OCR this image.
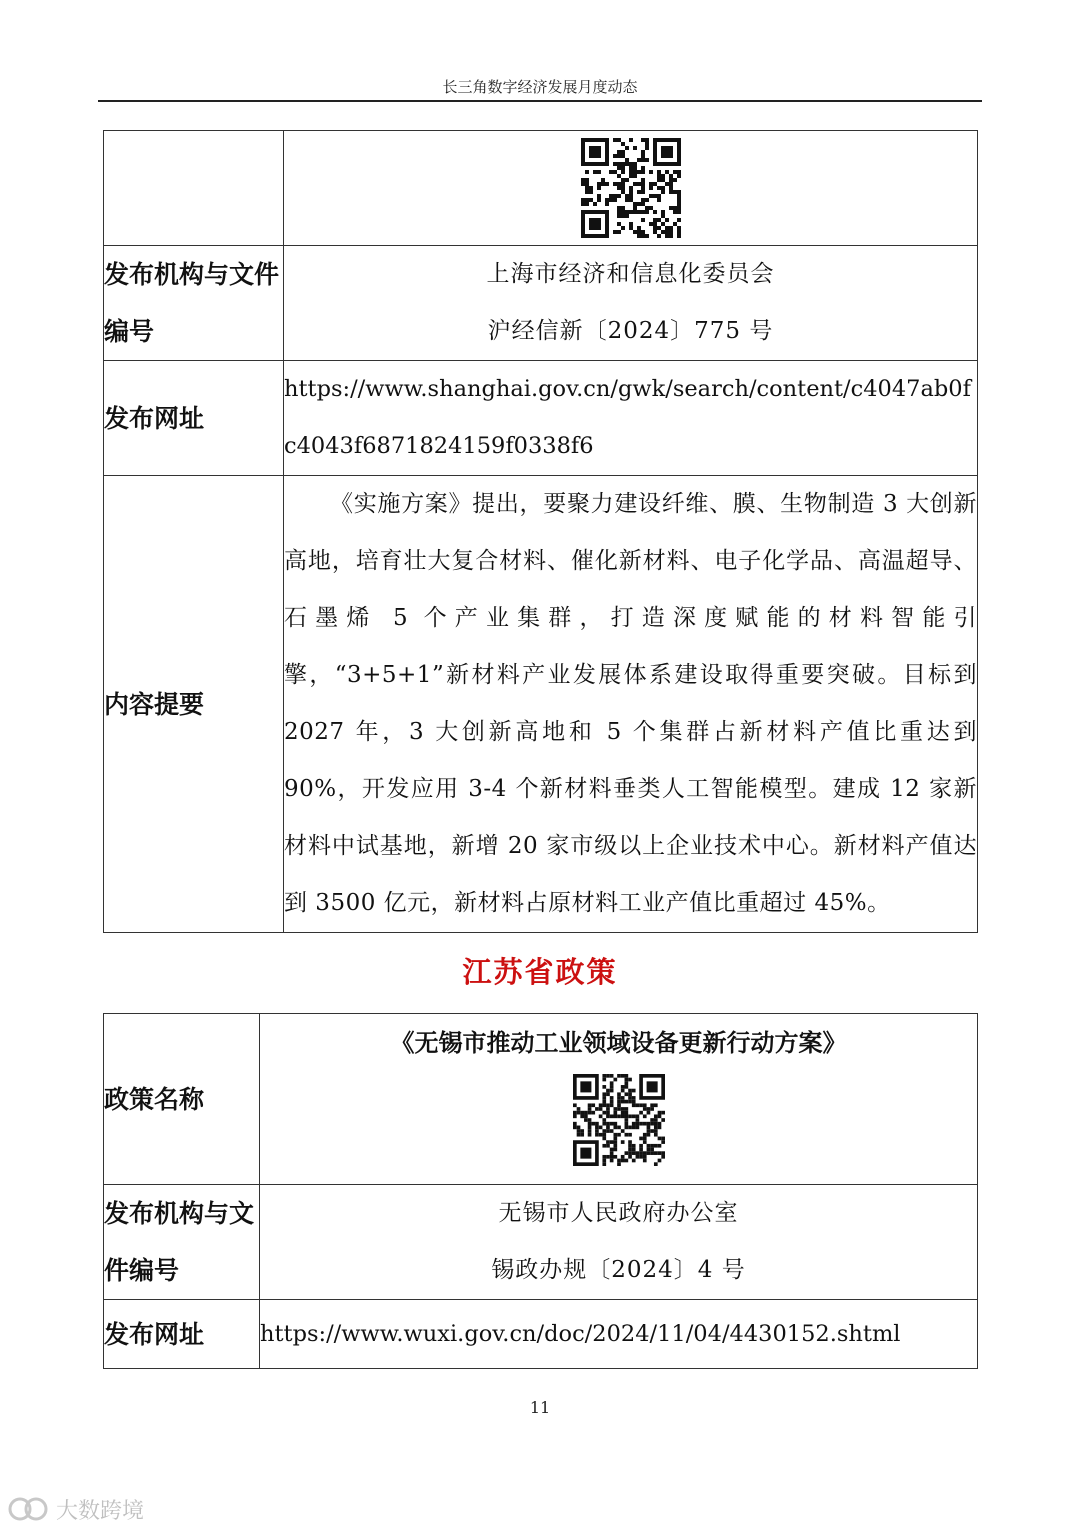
长三角数字经济发展月度动态

发布机构与文件编号	上海市经济和信息化委员会
沪经信新〔2024〕775 号

发布网址	https://www.shanghai.gov.cn/gwk/search/content/c4047ab0fc4043f6871824159f0338f6
内容提要	《实施方案》提出，要聚力建设纤维、膜、生物制造 3 大创新高地，培育壮大复合材料、催化新材料、电子化学品、高温超导、石墨烯 5 个产业集群，打造深度赋能的材料智能引擎，“3+5+1”新材料产业发展体系建设取得重要突破。目标到 2027 年，3 大创新高地和 5 个集群占新材料产值比重达到 90%，开发应用 3-4 个新材料垂类人工智能模型。建成 12 家新材料中试基地，新增 20 家市级以上企业技术中心。新材料产值达到 3500 亿元，新材料占原材料工业产值比重超过 45%。
江苏省政策
政策名称	《无锡市推动工业领域设备更新行动方案》

发布机构与文件编号	无锡市人民政府办公室
锡政办规〔2024〕4 号

发布网址	https://www.wuxi.gov.cn/doc/2024/11/04/4430152.shtml
11
大数跨境
